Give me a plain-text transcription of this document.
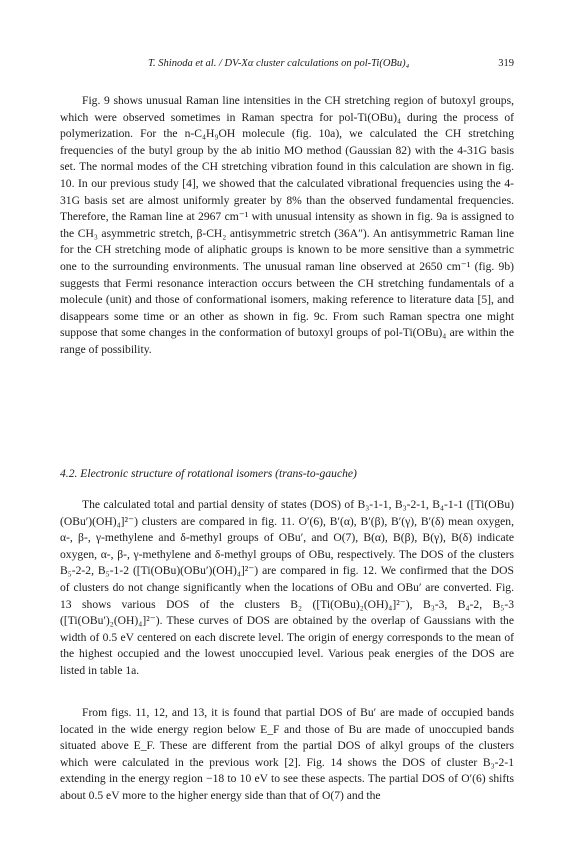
T. Shinoda et al. / DV-Xα cluster calculations on pol-Ti(OBu)₄	319

Fig. 9 shows unusual Raman line intensities in the CH stretching region of butoxyl groups, which were observed sometimes in Raman spectra for pol-Ti(OBu)₄ during the process of polymerization. For the n-C₄H₉OH molecule (fig. 10a), we calculated the CH stretching frequencies of the butyl group by the ab initio MO method (Gaussian 82) with the 4-31G basis set. The normal modes of the CH stretching vibration found in this calculation are shown in fig. 10. In our previous study [4], we showed that the calculated vibrational frequencies using the 4-31G basis set are almost uniformly greater by 8% than the observed fundamental frequencies. Therefore, the Raman line at 2967 cm⁻¹ with unusual intensity as shown in fig. 9a is assigned to the CH₃ asymmetric stretch, β-CH₂ antisymmetric stretch (36A″). An antisymmetric Raman line for the CH stretching mode of aliphatic groups is known to be more sensitive than a symmetric one to the surrounding environments. The unusual raman line observed at 2650 cm⁻¹ (fig. 9b) suggests that Fermi resonance interaction occurs between the CH stretching fundamentals of a molecule (unit) and those of conformational isomers, making reference to literature data [5], and disappears some time or an other as shown in fig. 9c. From such Raman spectra one might suppose that some changes in the conformation of butoxyl groups of pol-Ti(OBu)₄ are within the range of possibility.

4.2. Electronic structure of rotational isomers (trans-to-gauche)

The calculated total and partial density of states (DOS) of B₃-1-1, B₃-2-1, B₄-1-1 ([Ti(OBu)(OBu′)(OH)₄]²⁻) clusters are compared in fig. 11. O′(6), B′(α), B′(β), B′(γ), B′(δ) mean oxygen, α-, β-, γ-methylene and δ-methyl groups of OBu′, and O(7), B(α), B(β), B(γ), B(δ) indicate oxygen, α-, β-, γ-methylene and δ-methyl groups of OBu, respectively. The DOS of the clusters B₅-2-2, B₅-1-2 ([Ti(OBu)(OBu′)(OH)₄]²⁻) are compared in fig. 12. We confirmed that the DOS of clusters do not change significantly when the locations of OBu and OBu′ are converted. Fig. 13 shows various DOS of the clusters B₂ ([Ti(OBu)₂(OH)₄]²⁻), B₃-3, B₄-2, B₅-3 ([Ti(OBu′)₂(OH)₄]²⁻). These curves of DOS are obtained by the overlap of Gaussians with the width of 0.5 eV centered on each discrete level. The origin of energy corresponds to the mean of the highest occupied and the lowest unoccupied level. Various peak energies of the DOS are listed in table 1a.

From figs. 11, 12, and 13, it is found that partial DOS of Bu′ are made of occupied bands located in the wide energy region below E_F and those of Bu are made of unoccupied bands situated above E_F. These are different from the partial DOS of alkyl groups of the clusters which were calculated in the previous work [2]. Fig. 14 shows the DOS of cluster B₃-2-1 extending in the energy region −18 to 10 eV to see these aspects. The partial DOS of O′(6) shifts about 0.5 eV more to the higher energy side than that of O(7) and the
